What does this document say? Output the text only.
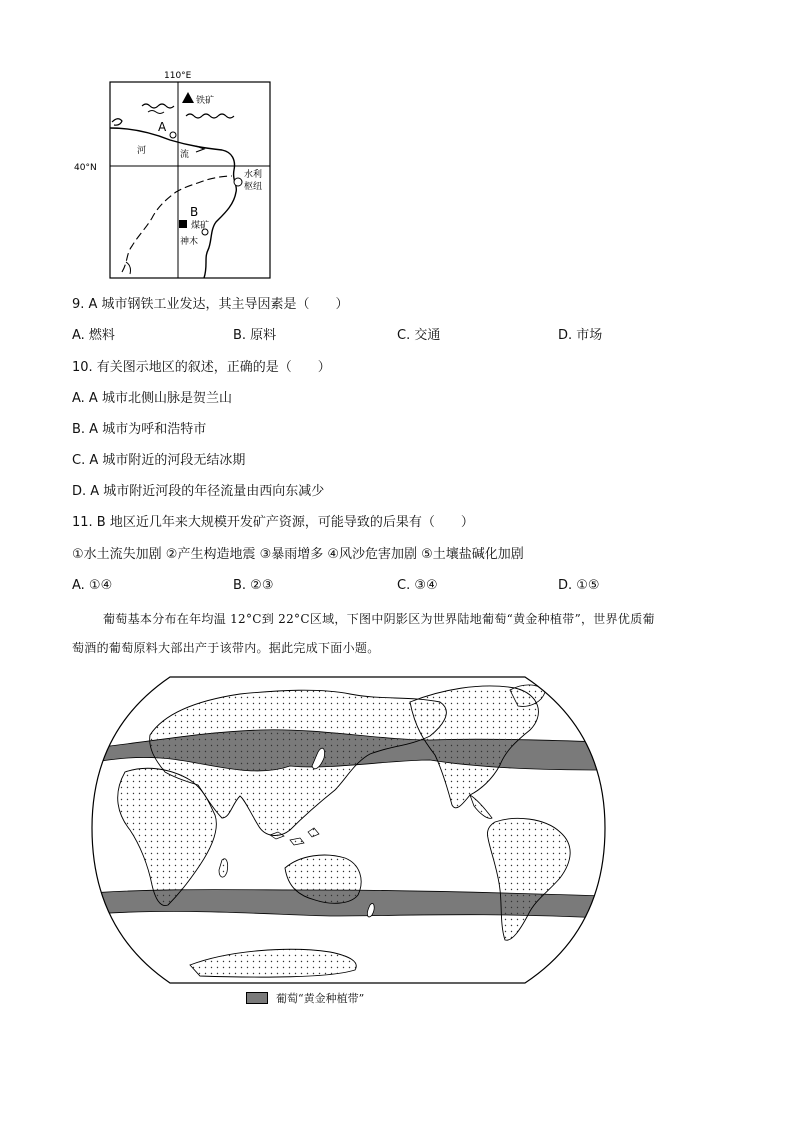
110°E
40°N
铁矿
A
B
河	流
水利
枢纽
煤矿
神木
9. A 城市钢铁工业发达，其主导因素是（　　）
A. 燃料	B. 原料	C. 交通	D. 市场
10. 有关图示地区的叙述，正确的是（　　）
A. A 城市北侧山脉是贺兰山
B. A 城市为呼和浩特市
C. A 城市附近的河段无结冰期
D. A 城市附近河段的年径流量由西向东减少
11. B 地区近几年来大规模开发矿产资源，可能导致的后果有（　　）
①水土流失加剧 ②产生构造地震 ③暴雨增多 ④风沙危害加剧 ⑤土壤盐碱化加剧
A. ①④	B. ②③	C. ③④	D. ①⑤
葡萄基本分布在年均温 12°C到 22°C区域，下图中阴影区为世界陆地葡萄“黄金种植带”，世界优质葡
萄酒的葡萄原料大部出产于该带内。据此完成下面小题。
葡萄“黄金种植带”
